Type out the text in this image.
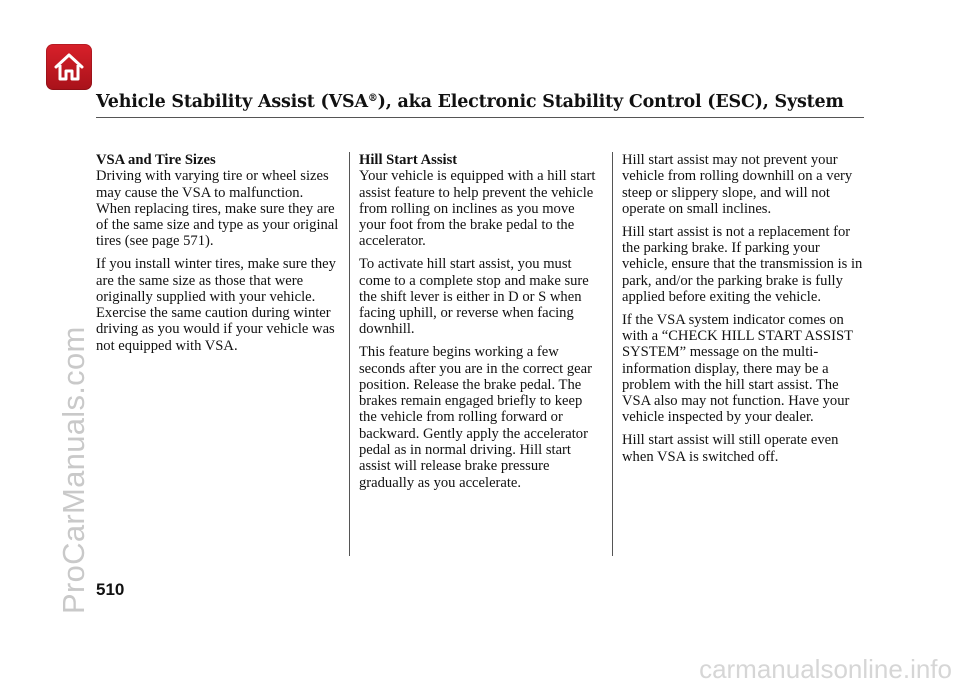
Vehicle Stability Assist (VSA®), aka Electronic Stability Control (ESC), System
VSA and Tire Sizes

Driving with varying tire or wheel sizes may cause the VSA to malfunction. When replacing tires, make sure they are of the same size and type as your original tires (see page 571).

If you install winter tires, make sure they are the same size as those that were originally supplied with your vehicle. Exercise the same caution during winter driving as you would if your vehicle was not equipped with VSA.

Hill Start Assist

Your vehicle is equipped with a hill start assist feature to help prevent the vehicle from rolling on inclines as you move your foot from the brake pedal to the accelerator.

To activate hill start assist, you must come to a complete stop and make sure the shift lever is either in D or S when facing uphill, or reverse when facing downhill.

This feature begins working a few seconds after you are in the correct gear position. Release the brake pedal. The brakes remain engaged briefly to keep the vehicle from rolling forward or backward. Gently apply the accelerator pedal as in normal driving. Hill start assist will release brake pressure gradually as you accelerate.

Hill start assist may not prevent your vehicle from rolling downhill on a very steep or slippery slope, and will not operate on small inclines.

Hill start assist is not a replacement for the parking brake. If parking your vehicle, ensure that the transmission is in park, and/or the parking brake is fully applied before exiting the vehicle.

If the VSA system indicator comes on with a “CHECK HILL START ASSIST SYSTEM” message on the multi-information display, there may be a problem with the hill start assist. The VSA also may not function. Have your vehicle inspected by your dealer.

Hill start assist will still operate even when VSA is switched off.

510
ProCarManuals.com
carmanualsonline.info
